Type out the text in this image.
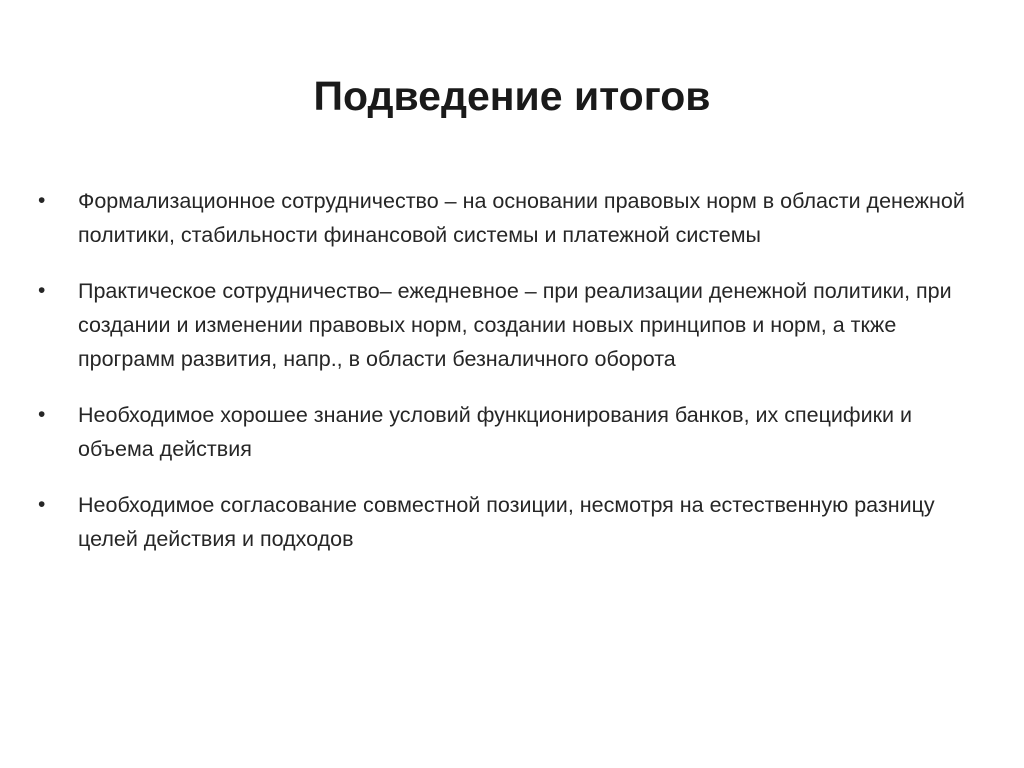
Подведение итогов
•	Формализационное сотрудничество – на основании правовых норм в области денежной политики, стабильности финансовой системы и платежной системы
•	Практическое сотрудничество– ежедневное – при реализации денежной политики, при создании и изменении правовых норм, создании новых принципов и норм, а ткже программ развития, напр., в области безналичного оборота
•	Необходимое хорошее знание условий функционирования банков, их специфики и объема действия
•	Необходимое согласование совместной позиции, несмотря на естественную разницу целей действия и подходов
